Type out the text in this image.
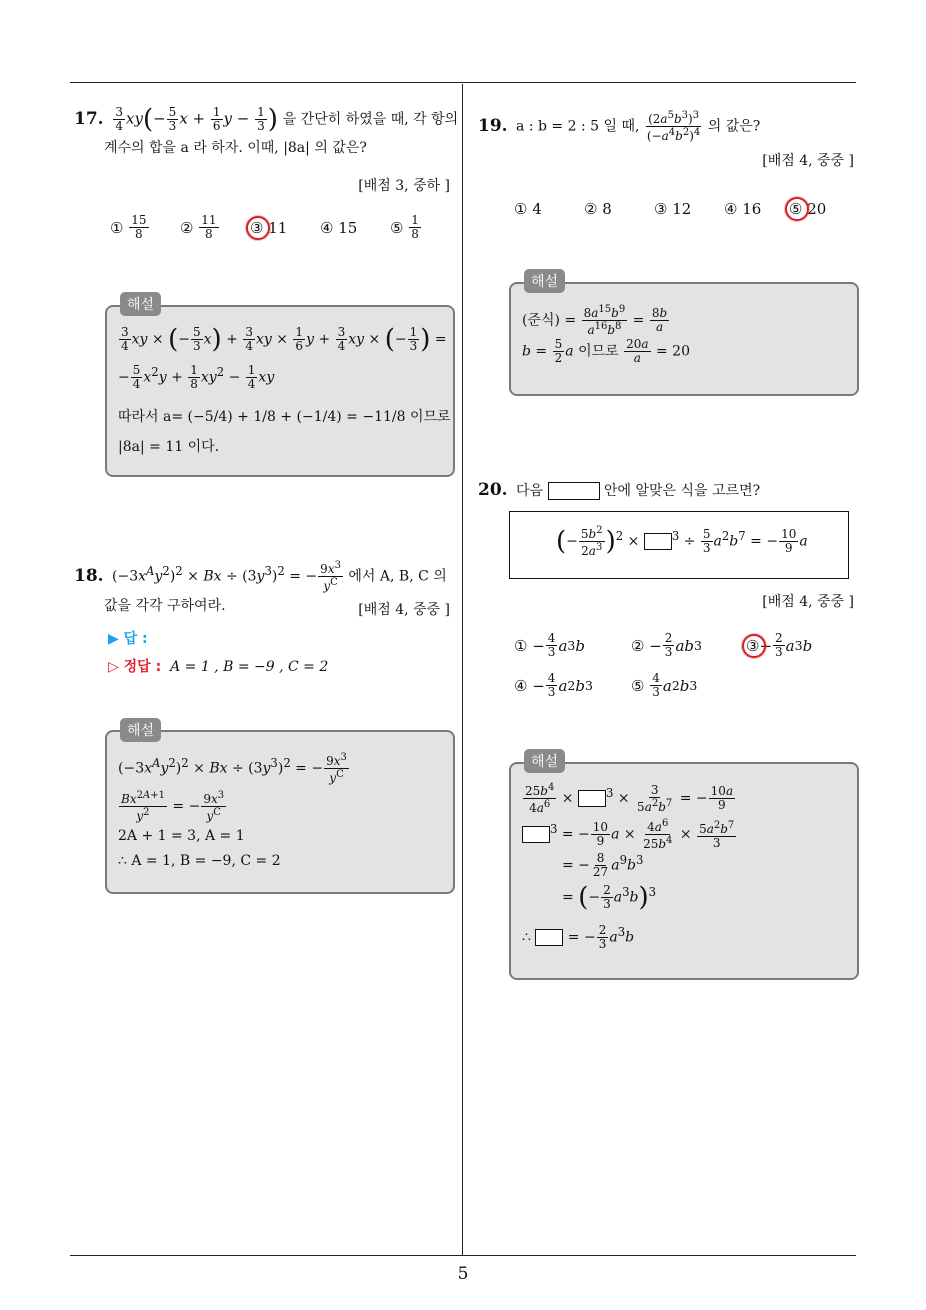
5
17. $\frac{3}{4} xy(- \frac{5}{3}$ $x + \frac{1}{6}$ $y - \frac{1}{3}$ ) 을 간단히 하였을 때, 각 항의
계수의 합을 a 라 하자. 이때, |8a| 의 값은?
[배점 3, 중하 ]
①
$\frac{15}{8}$ ②
$\frac{11}{8}$ ③ 11	④ 15	⑤
$\frac{1}{8}$
해설
$\frac{3}{4}$ xy × (− $\frac{5}{3} x) + \frac{3}{4}$ xy × $\frac{1}{6}$ $y + \frac{3}{4}$ xy × (− $\frac{1}{3}$ ) =
− $\frac{5}{4} x^2y + \frac{1}{8} xy^2 - \frac{1}{4}$ xy
따라서 a= (−5/4) + 1/8 + (−1/4) = −11/8 이므로
|8a| = 11 이다.
18. $(-3x^Ay^2)^2 \times Bx \div (3y^3)^2$ = − $\frac{9x^3}{y^C}$ 에서 A, B, C 의
값을 각각 구하여라.	[배점 4, 중중 ]
▶ 답 :
▷ 정답 : A = 1 , B = −9 , C = 2
해설
$(-3x^Ay^2)^2 \times Bx \div (3y^3)^2$ = − $\frac{9x^3}{y^C}$
$\frac{Bx^{2A+1}}{y^2}$ = − $\frac{9x^3}{y^C}$
2A + 1 = 3, A = 1
∴ A = 1, B = −9, C = 2
19. a : b = 2 : 5 일 때, $\frac{(2a^5b^3)^3}{(-a^4b^2)^4}$ 의 값은?
[배점 4, 중중 ]
① 4	② 8	③ 12	④ 16	⑤ 20
해설
(준식) = $\frac{8a^{15}b^9}{a^{16}b^8} = \frac{8b}{a}$
$b = \frac{5}{2}$ a 이므로 $\frac{20a}{a} = 20$
20. 다음	안에 알맞은 식을 고르면?
(− $\frac{5b^2}{2a^3} )^2 \times ^3 \div \frac{5}{3} a^2b^7$ = − $\frac{10}{9}$ a
[배점 4, 중중 ]
① − $\frac{4}{3}$ a 3 b	② − $\frac{2}{3}$ ab 3	③ − $\frac{2}{3}$ a 3 b
④ − $\frac{4}{3}$ a 2 b 3	⑤
$\frac{4}{3}$ a 2 b 3
해설
$\frac{25b^4}{4a^6} \times ^3 \times \frac{3}{5a^2b^7}$ = − $\frac{10a}{9}$
$^3$ = − $\frac{10}{9}$ $a \times \frac{4a^6}{25b^4} \times \frac{5a^2b^7}{3}$
= − $\frac{8}{27} a^9b^3$
= (− $\frac{2}{3} a^3b)^3$
∴  = − $\frac{2}{3} a^3b$
